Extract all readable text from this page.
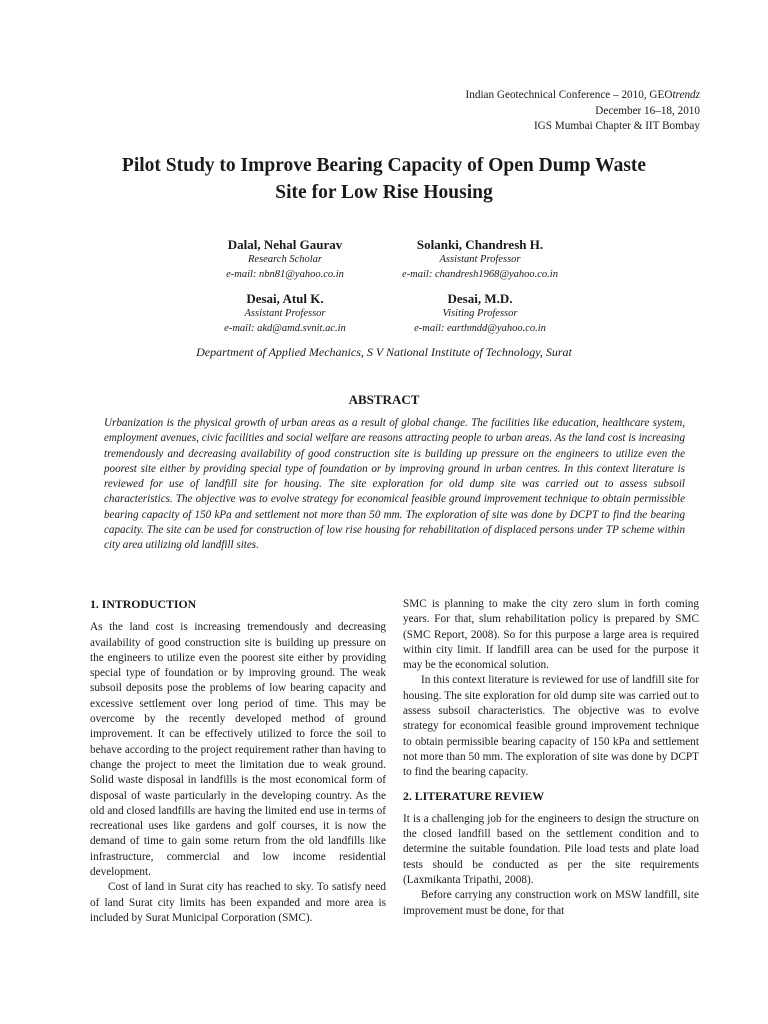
Indian Geotechnical Conference – 2010, GEOtrendz
December 16–18, 2010
IGS Mumbai Chapter & IIT Bombay
Pilot Study to Improve Bearing Capacity of Open Dump Waste
Site for Low Rise Housing
Dalal, Nehal Gaurav
Research Scholar
e-mail: nbn81@yahoo.co.in
Solanki, Chandresh H.
Assistant Professor
e-mail: chandresh1968@yahoo.co.in
Desai, Atul K.
Assistant Professor
e-mail: akd@amd.svnit.ac.in
Desai, M.D.
Visiting Professor
e-mail: earthmdd@yahoo.co.in
Department of Applied Mechanics, S V National Institute of Technology, Surat
ABSTRACT
Urbanization is the physical growth of urban areas as a result of global change. The facilities like education, healthcare system, employment avenues, civic facilities and social welfare are reasons attracting people to urban areas. As the land cost is increasing tremendously and decreasing availability of good construction site is building up pressure on the engineers to utilize even the poorest site either by providing special type of foundation or by improving ground in urban centres. In this context literature is reviewed for use of landfill site for housing. The site exploration for old dump site was carried out to assess subsoil characteristics. The objective was to evolve strategy for economical feasible ground improvement technique to obtain permissible bearing capacity of 150 kPa and settlement not more than 50 mm. The exploration of site was done by DCPT to find the bearing capacity. The site can be used for construction of low rise housing for rehabilitation of displaced persons under TP scheme within city area utilizing old landfill sites.
1. INTRODUCTION

As the land cost is increasing tremendously and decreasing availability of good construction site is building up pressure on the engineers to utilize even the poorest site either by providing special type of foundation or by improving ground. The weak subsoil deposits pose the problems of low bearing capacity and excessive settlement over long period of time. This may be overcome by the recently developed method of ground improvement. It can be effectively utilized to force the soil to behave according to the project requirement rather than having to change the project to meet the limitation due to weak ground. Solid waste disposal in landfills is the most economical form of disposal of waste particularly in the developing country. As the old and closed landfills are having the limited end use in terms of recreational uses like gardens and golf courses, it is now the demand of time to gain some return from the old landfills like infrastructure, commercial and low income residential development.

Cost of land in Surat city has reached to sky. To satisfy need of land Surat city limits has been expanded and more area is included by Surat Municipal Corporation (SMC).

SMC is planning to make the city zero slum in forth coming years. For that, slum rehabilitation policy is prepared by SMC (SMC Report, 2008). So for this purpose a large area is required within city limit. If landfill area can be used for the purpose it may be the economical solution.

In this context literature is reviewed for use of landfill site for housing. The site exploration for old dump site was carried out to assess subsoil characteristics. The objective was to evolve strategy for economical feasible ground improvement technique to obtain permissible bearing capacity of 150 kPa and settlement not more than 50 mm. The exploration of site was done by DCPT to find the bearing capacity.

2. LITERATURE REVIEW

It is a challenging job for the engineers to design the structure on the closed landfill based on the settlement condition and to determine the suitable foundation. Pile load tests and plate load tests should be conducted as per the site requirements (Laxmikanta Tripathi, 2008).

Before carrying any construction work on MSW landfill, site improvement must be done, for that
